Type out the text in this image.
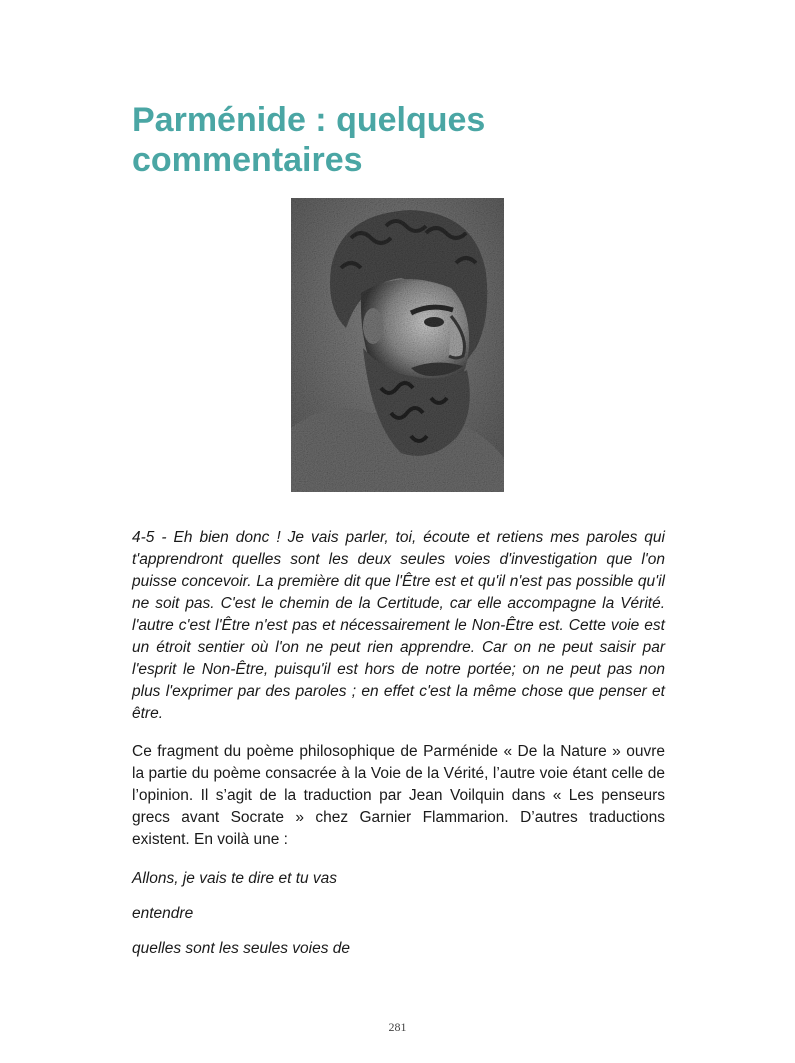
Parménide : quelques commentaires

4-5 - Eh bien donc ! Je vais parler, toi, écoute et retiens mes paroles qui t'apprendront quelles sont les deux seules voies d'investigation que l'on puisse concevoir. La première dit que l'Être est et qu'il n'est pas possible qu'il ne soit pas. C'est le chemin de la Certitude, car elle accompagne la Vérité. l'autre c'est l'Être n'est pas et nécessairement le Non-Être est. Cette voie est un étroit sentier où l'on ne peut rien apprendre. Car on ne peut saisir par l'esprit le Non-Être, puisqu'il est hors de notre portée; on ne peut pas non plus l'exprimer par des paroles ; en effet c'est la même chose que penser et être.

Ce fragment du poème philosophique de Parménide « De la Nature » ouvre la partie du poème consacrée à la Voie de la Vérité, l’autre voie étant celle de l’opinion. Il s’agit de la traduction par Jean Voilquin dans « Les penseurs grecs avant Socrate » chez Garnier Flammarion. D’autres traductions existent. En voilà une :

Allons, je vais te dire et tu vas

entendre

quelles sont les seules voies de

281
